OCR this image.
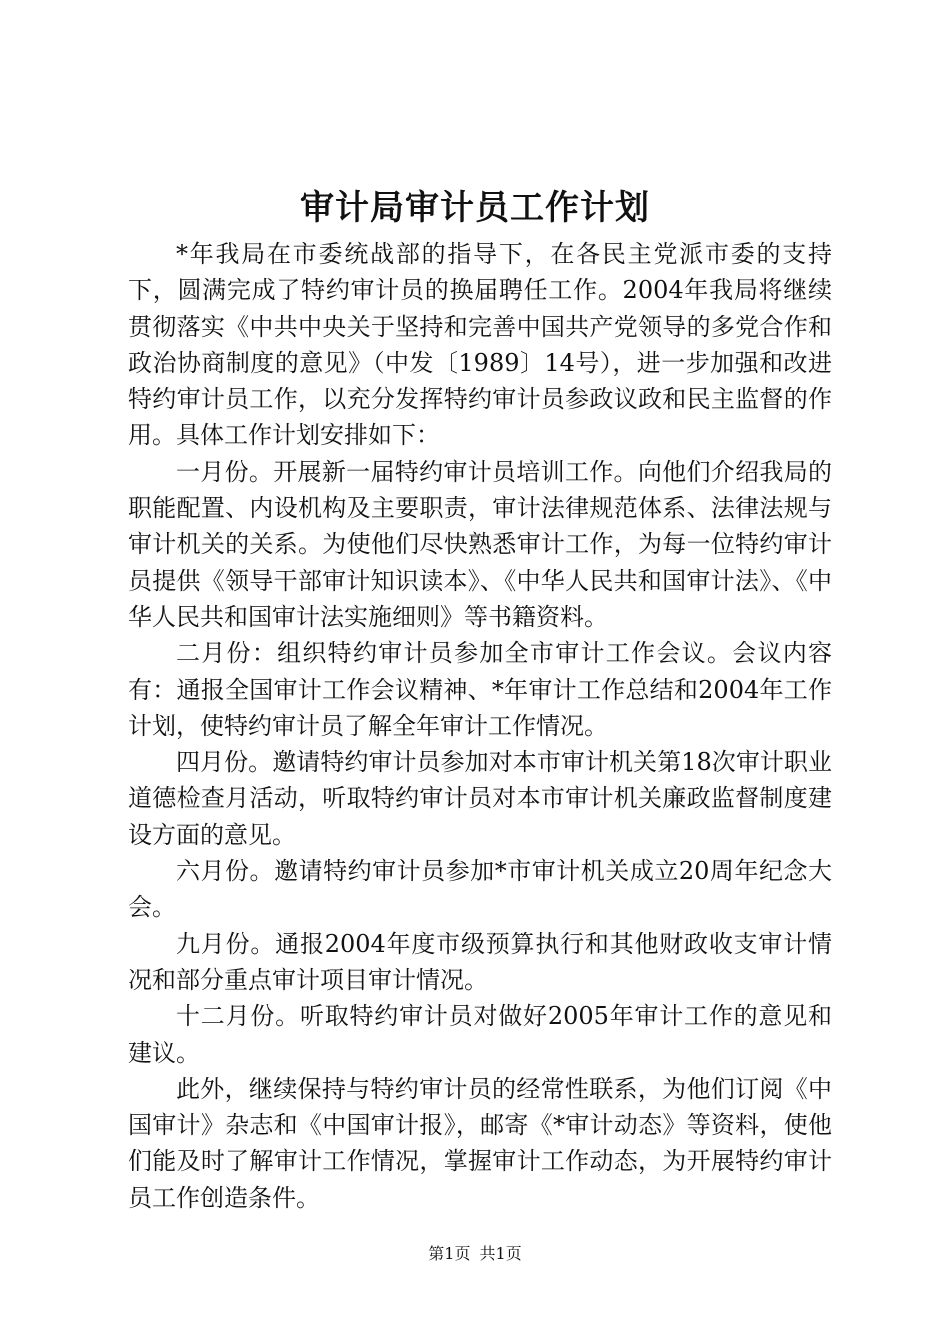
审计局审计员工作计划

*年我局在市委统战部的指导下，在各民主党派市委的支持下，圆满完成了特约审计员的换届聘任工作。2004年我局将继续贯彻落实《中共中央关于坚持和完善中国共产党领导的多党合作和政治协商制度的意见》（中发〔1989〕14号），进一步加强和改进特约审计员工作，以充分发挥特约审计员参政议政和民主监督的作用。具体工作计划安排如下：

一月份。开展新一届特约审计员培训工作。向他们介绍我局的职能配置、内设机构及主要职责，审计法律规范体系、法律法规与审计机关的关系。为使他们尽快熟悉审计工作，为每一位特约审计员提供《领导干部审计知识读本》、《中华人民共和国审计法》、《中华人民共和国审计法实施细则》等书籍资料。

二月份：组织特约审计员参加全市审计工作会议。会议内容有：通报全国审计工作会议精神、*年审计工作总结和2004年工作计划，使特约审计员了解全年审计工作情况。

四月份。邀请特约审计员参加对本市审计机关第18次审计职业道德检查月活动，听取特约审计员对本市审计机关廉政监督制度建设方面的意见。

六月份。邀请特约审计员参加*市审计机关成立20周年纪念大会。

九月份。通报2004年度市级预算执行和其他财政收支审计情况和部分重点审计项目审计情况。

十二月份。听取特约审计员对做好2005年审计工作的意见和建议。

此外，继续保持与特约审计员的经常性联系，为他们订阅《中国审计》杂志和《中国审计报》，邮寄《*审计动态》等资料，使他们能及时了解审计工作情况，掌握审计工作动态，为开展特约审计员工作创造条件。

第1页 共1页
